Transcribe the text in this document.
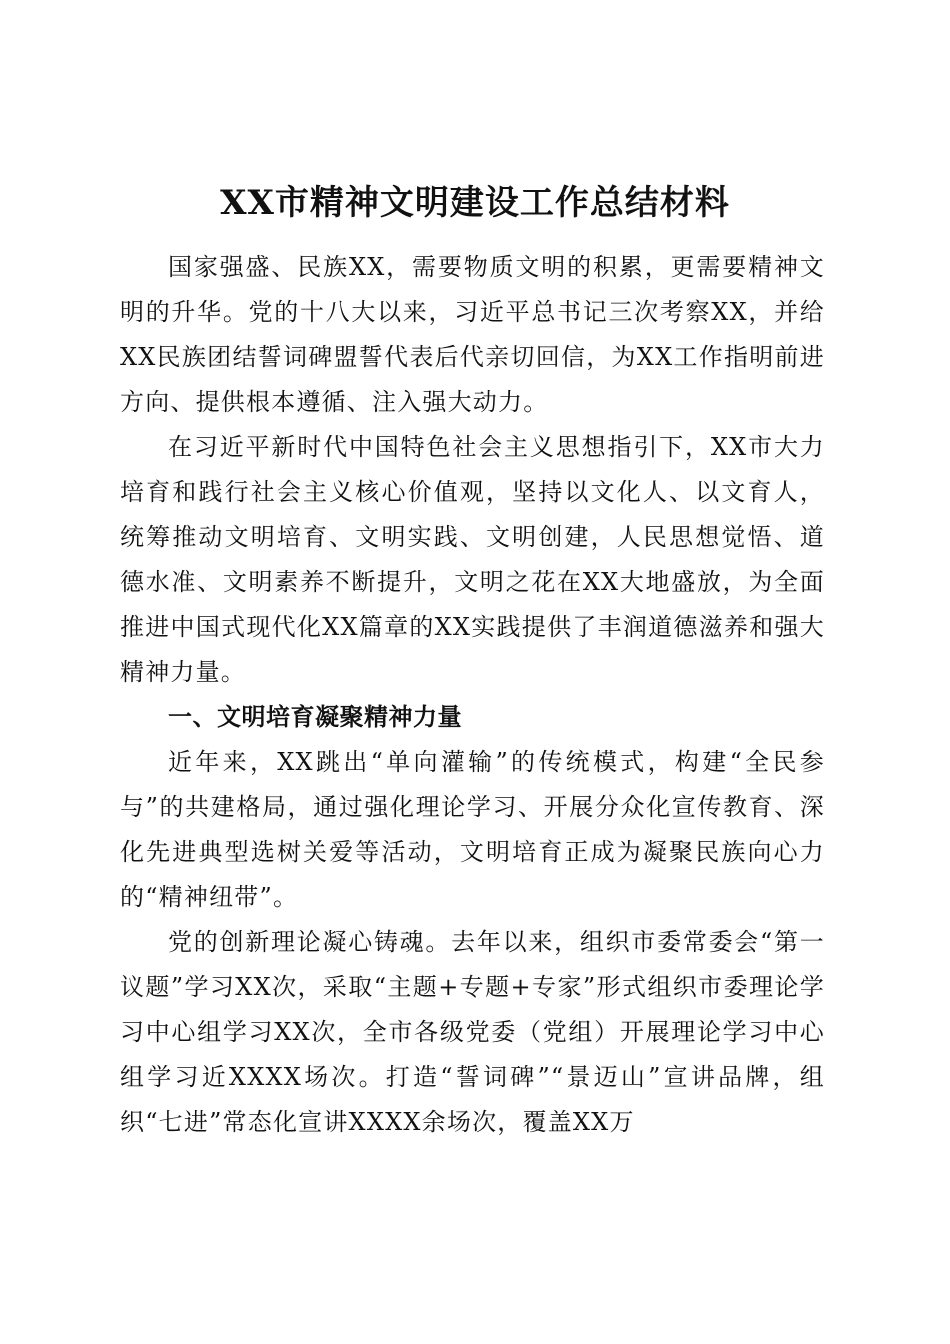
XX市精神文明建设工作总结材料

国家强盛、民族XX，需要物质文明的积累，更需要精神文明的升华。党的十八大以来，习近平总书记三次考察XX，并给XX民族团结誓词碑盟誓代表后代亲切回信，为XX工作指明前进方向、提供根本遵循、注入强大动力。

在习近平新时代中国特色社会主义思想指引下，XX市大力培育和践行社会主义核心价值观，坚持以文化人、以文育人，统筹推动文明培育、文明实践、文明创建，人民思想觉悟、道德水准、文明素养不断提升，文明之花在XX大地盛放，为全面推进中国式现代化XX篇章的XX实践提供了丰润道德滋养和强大精神力量。

一、文明培育凝聚精神力量

近年来，XX跳出“单向灌输”的传统模式，构建“全民参与”的共建格局，通过强化理论学习、开展分众化宣传教育、深化先进典型选树关爱等活动，文明培育正成为凝聚民族向心力的“精神纽带”。

党的创新理论凝心铸魂。去年以来，组织市委常委会“第一议题”学习XX次，采取“主题+专题+专家”形式组织市委理论学习中心组学习XX次，全市各级党委（党组）开展理论学习中心组学习近XXXX场次。打造“誓词碑”“景迈山”宣讲品牌，组织“七进”常态化宣讲XXXX余场次，覆盖XX万
